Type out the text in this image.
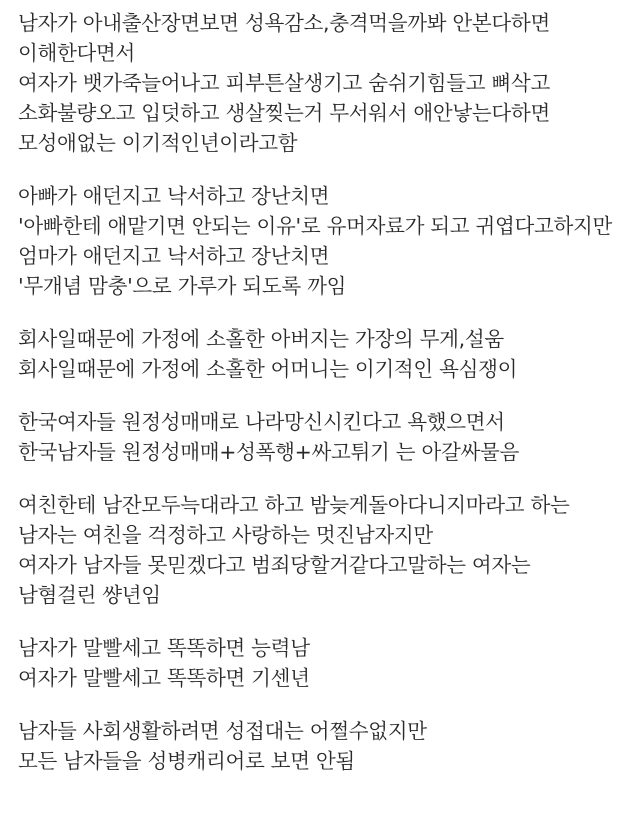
남자가 아내출산장면보면 성욕감소,충격먹을까봐 안본다하면
이해한다면서
여자가 뱃가죽늘어나고 피부튼살생기고 숨쉬기힘들고 뼈삭고
소화불량오고 입덧하고 생살찢는거 무서워서 애안낳는다하면
모성애없는 이기적인년이라고함
아빠가 애던지고 낙서하고 장난치면
'아빠한테 애맡기면 안되는 이유'로 유머자료가 되고 귀엽다고하지만
엄마가 애던지고 낙서하고 장난치면
'무개념 맘충'으로 가루가 되도록 까임
회사일때문에 가정에 소홀한 아버지는 가장의 무게,설움
회사일때문에 가정에 소홀한 어머니는 이기적인 욕심쟁이
한국여자들 원정성매매로 나라망신시킨다고 욕했으면서
한국남자들 원정성매매+성폭행+싸고튀기 는 아갈싸물음
여친한테 남잔모두늑대라고 하고 밤늦게돌아다니지마라고 하는
남자는 여친을 걱정하고 사랑하는 멋진남자지만
여자가 남자들 못믿겠다고 범죄당할거같다고말하는 여자는
남혐걸린 썅년임
남자가 말빨세고 똑똑하면 능력남
여자가 말빨세고 똑똑하면 기센년
남자들 사회생활하려면 성접대는 어쩔수없지만
모든 남자들을 성병캐리어로 보면 안됨
